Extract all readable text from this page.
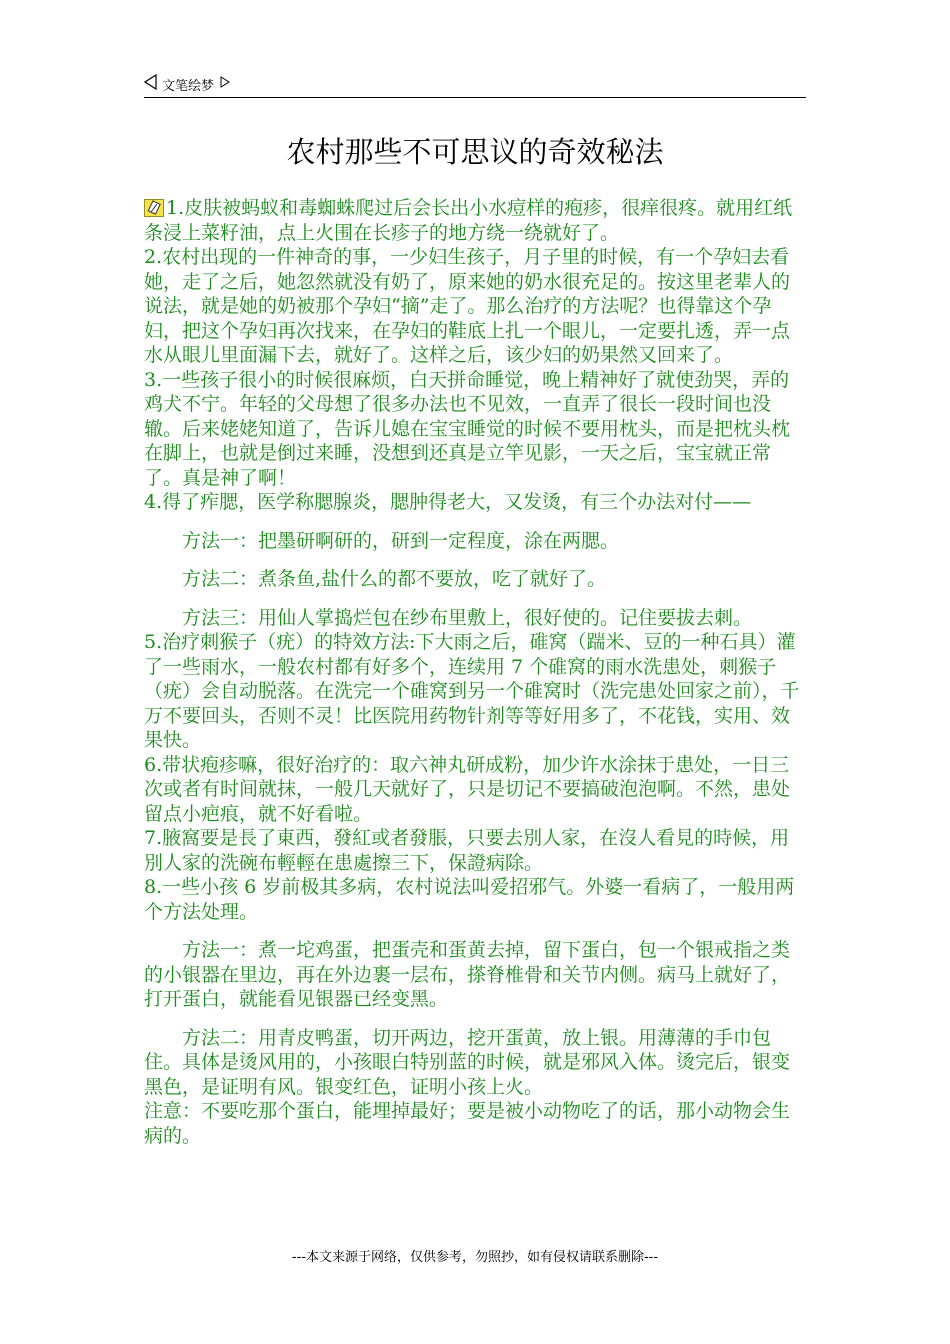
文笔绘梦
农村那些不可思议的奇效秘法

1.皮肤被蚂蚁和毒蜘蛛爬过后会长出小水痘样的疱疹，很痒很疼。就用红纸条浸上菜籽油，点上火围在长疹子的地方绕一绕就好了。

2.农村出现的一件神奇的事，一少妇生孩子，月子里的时候，有一个孕妇去看她，走了之后，她忽然就没有奶了，原来她的奶水很充足的。按这里老辈人的说法，就是她的奶被那个孕妇“摘”走了。那么治疗的方法呢？也得靠这个孕妇，把这个孕妇再次找来，在孕妇的鞋底上扎一个眼儿，一定要扎透，弄一点水从眼儿里面漏下去，就好了。这样之后，该少妇的奶果然又回来了。

3.一些孩子很小的时候很麻烦，白天拼命睡觉，晚上精神好了就使劲哭，弄的鸡犬不宁。年轻的父母想了很多办法也不见效，一直弄了很长一段时间也没辙。后来姥姥知道了，告诉儿媳在宝宝睡觉的时候不要用枕头，而是把枕头枕在脚上，也就是倒过来睡，没想到还真是立竿见影，一天之后，宝宝就正常了。真是神了啊！

4.得了痄腮，医学称腮腺炎，腮肿得老大，又发烫，有三个办法对付——

方法一：把墨研啊研的，研到一定程度，涂在两腮。

方法二：煮条鱼,盐什么的都不要放，吃了就好了。

方法三：用仙人掌捣烂包在纱布里敷上，很好使的。记住要拔去刺。

5.治疗刺猴子（疣）的特效方法:下大雨之后，碓窝（踹米、豆的一种石具）灌了一些雨水，一般农村都有好多个，连续用 7 个碓窝的雨水洗患处，刺猴子（疣）会自动脱落。在洗完一个碓窝到另一个碓窝时（洗完患处回家之前），千万不要回头，否则不灵！比医院用药物针剂等等好用多了，不花钱，实用、效果快。

6.带状疱疹嘛，很好治疗的：取六神丸研成粉，加少许水涂抹于患处，一日三次或者有时间就抹，一般几天就好了，只是切记不要搞破泡泡啊。不然，患处留点小疤痕，就不好看啦。

7.腋窩要是長了東西，發紅或者發脹，只要去別人家，在沒人看見的時候，用別人家的洗碗布輕輕在患處擦三下，保證病除。

8.一些小孩 6 岁前极其多病，农村说法叫爱招邪气。外婆一看病了，一般用两个方法处理。

方法一：煮一坨鸡蛋，把蛋壳和蛋黄去掉，留下蛋白，包一个银戒指之类的小银器在里边，再在外边裹一层布，搽脊椎骨和关节内侧。病马上就好了，打开蛋白，就能看见银器已经变黑。

方法二：用青皮鸭蛋，切开两边，挖开蛋黄，放上银。用薄薄的手巾包住。具体是烫风用的，小孩眼白特别蓝的时候，就是邪风入体。烫完后，银变黑色，是证明有风。银变红色，证明小孩上火。

注意：不要吃那个蛋白，能埋掉最好；要是被小动物吃了的话，那小动物会生病的。

---本文来源于网络，仅供参考，勿照抄，如有侵权请联系删除---
